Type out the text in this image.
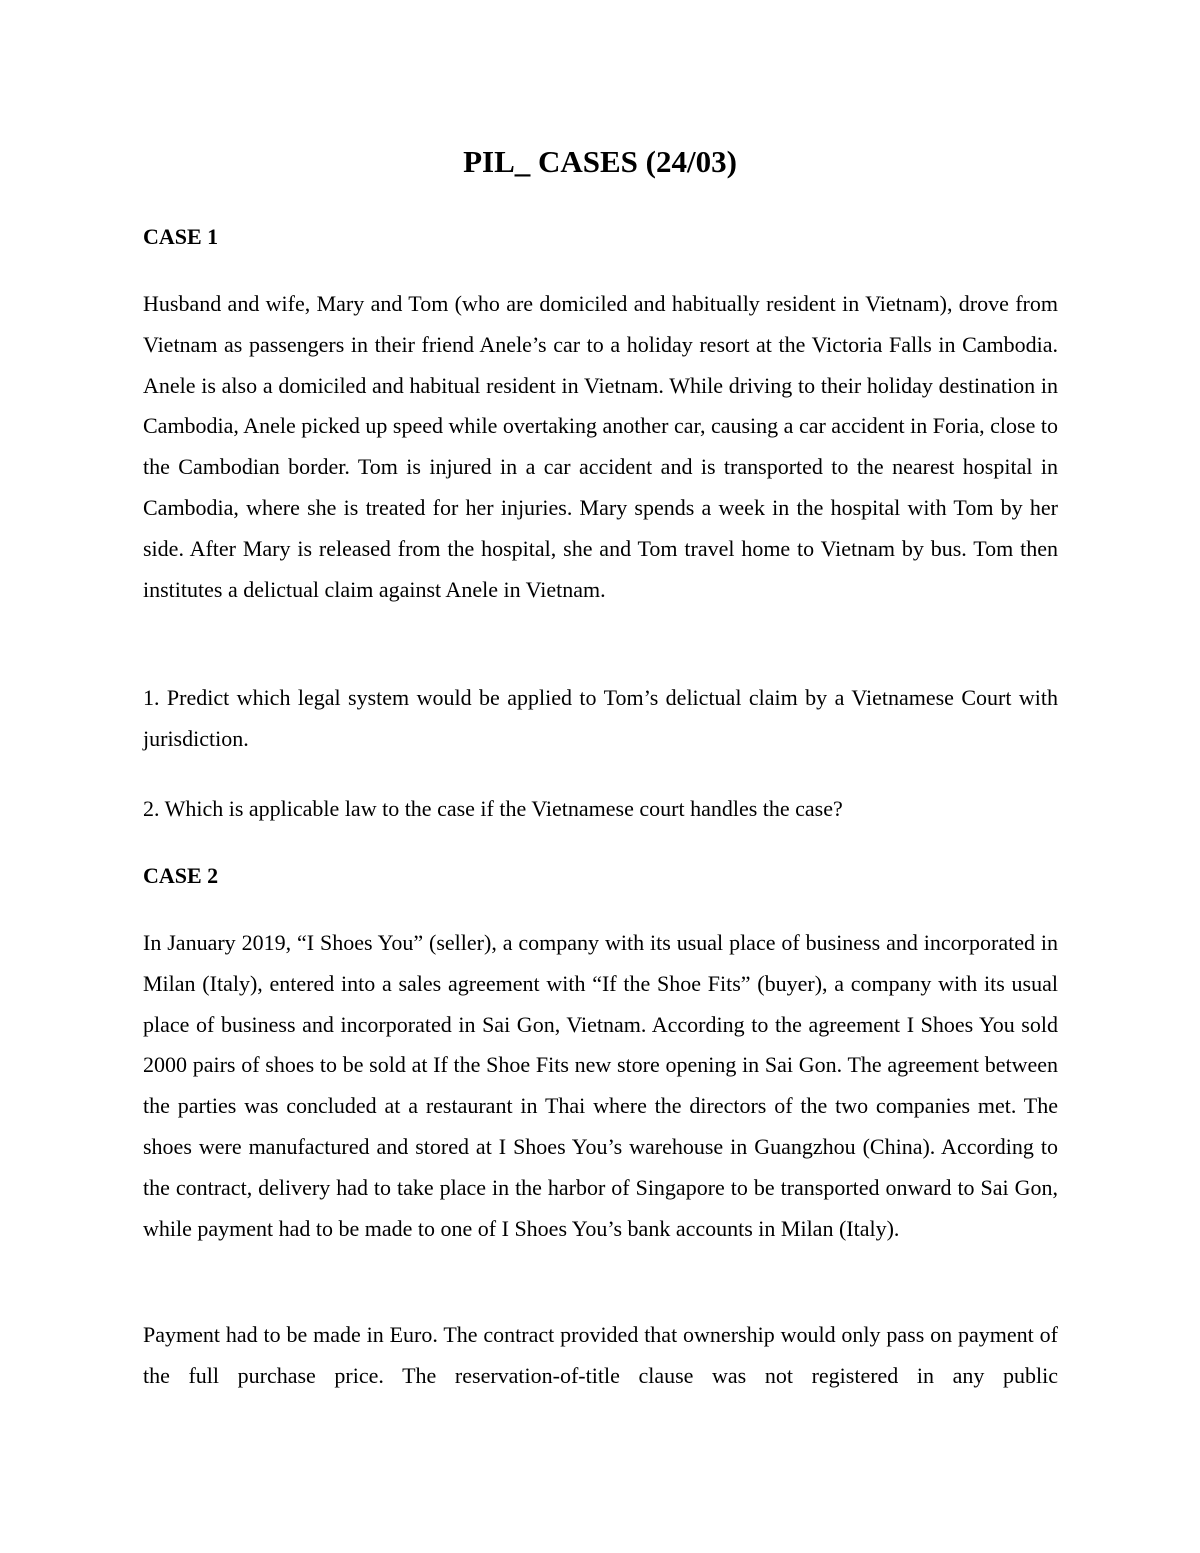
PIL_ CASES (24/03)
CASE 1

Husband and wife, Mary and Tom (who are domiciled and habitually resident in Vietnam), drove from Vietnam as passengers in their friend Anele’s car to a holiday resort at the Victoria Falls in Cambodia. Anele is also a domiciled and habitual resident in Vietnam. While driving to their holiday destination in Cambodia, Anele picked up speed while overtaking another car, causing a car accident in Foria, close to the Cambodian border. Tom is injured in a car accident and is transported to the nearest hospital in Cambodia, where she is treated for her injuries. Mary spends a week in the hospital with Tom by her side. After Mary is released from the hospital, she and Tom travel home to Vietnam by bus. Tom then institutes a delictual claim against Anele in Vietnam.

1. Predict which legal system would be applied to Tom’s delictual claim by a Vietnamese Court with jurisdiction.

2. Which is applicable law to the case if the Vietnamese court handles the case?

CASE 2

In January 2019, “I Shoes You” (seller), a company with its usual place of business and incorporated in Milan (Italy), entered into a sales agreement with “If the Shoe Fits” (buyer), a company with its usual place of business and incorporated in Sai Gon, Vietnam. According to the agreement I Shoes You sold 2000 pairs of shoes to be sold at If the Shoe Fits new store opening in Sai Gon. The agreement between the parties was concluded at a restaurant in Thai where the directors of the two companies met. The shoes were manufactured and stored at I Shoes You’s warehouse in Guangzhou (China). According to the contract, delivery had to take place in the harbor of Singapore to be transported onward to Sai Gon, while payment had to be made to one of I Shoes You’s bank accounts in Milan (Italy).

Payment had to be made in Euro. The contract provided that ownership would only pass on payment of the full purchase price. The reservation-of-title clause was not registered in any public
